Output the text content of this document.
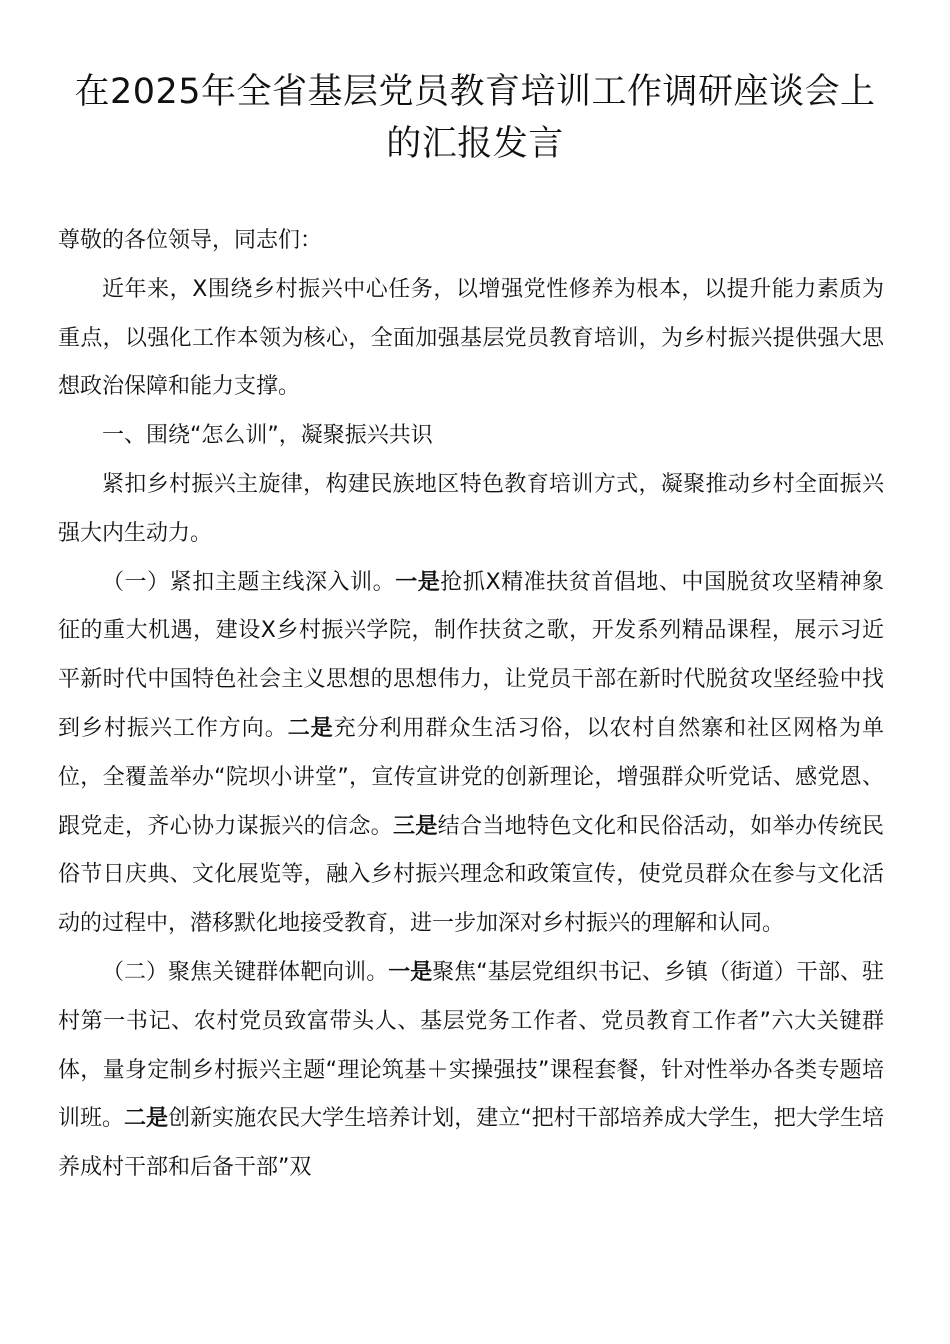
在2025年全省基层党员教育培训工作调研座谈会上的汇报发言

尊敬的各位领导，同志们：

近年来，X围绕乡村振兴中心任务，以增强党性修养为根本，以提升能力素质为重点，以强化工作本领为核心，全面加强基层党员教育培训，为乡村振兴提供强大思想政治保障和能力支撑。

一、围绕“怎么训”，凝聚振兴共识

紧扣乡村振兴主旋律，构建民族地区特色教育培训方式，凝聚推动乡村全面振兴强大内生动力。

（一）紧扣主题主线深入训。一是抢抓X精准扶贫首倡地、中国脱贫攻坚精神象征的重大机遇，建设X乡村振兴学院，制作扶贫之歌，开发系列精品课程，展示习近平新时代中国特色社会主义思想的思想伟力，让党员干部在新时代脱贫攻坚经验中找到乡村振兴工作方向。二是充分利用群众生活习俗，以农村自然寨和社区网格为单位，全覆盖举办“院坝小讲堂”，宣传宣讲党的创新理论，增强群众听党话、感党恩、跟党走，齐心协力谋振兴的信念。三是结合当地特色文化和民俗活动，如举办传统民俗节日庆典、文化展览等，融入乡村振兴理念和政策宣传，使党员群众在参与文化活动的过程中，潜移默化地接受教育，进一步加深对乡村振兴的理解和认同。

（二）聚焦关键群体靶向训。一是聚焦“基层党组织书记、乡镇（街道）干部、驻村第一书记、农村党员致富带头人、基层党务工作者、党员教育工作者”六大关键群体，量身定制乡村振兴主题“理论筑基＋实操强技”课程套餐，针对性举办各类专题培训班。二是创新实施农民大学生培养计划，建立“把村干部培养成大学生，把大学生培养成村干部和后备干部”双
